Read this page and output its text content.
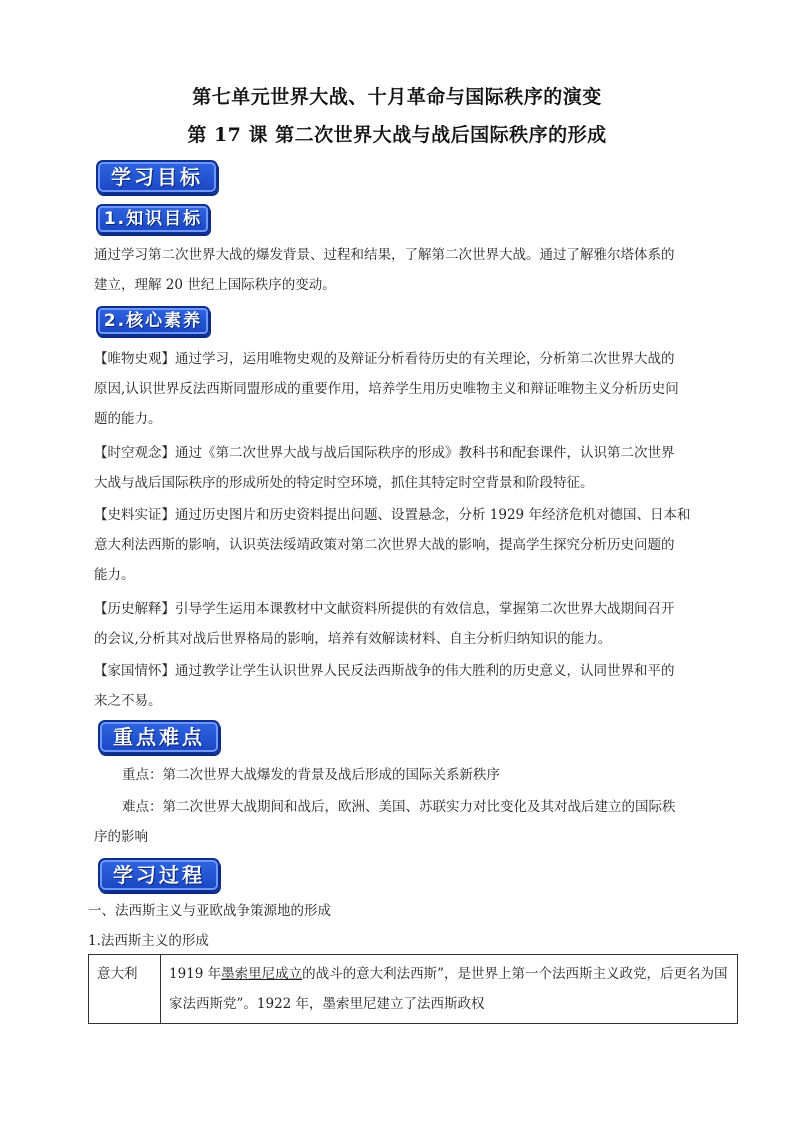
第七单元世界大战、十月革命与国际秩序的演变
第 17 课 第二次世界大战与战后国际秩序的形成
学习目标
1.知识目标
通过学习第二次世界大战的爆发背景、过程和结果，了解第二次世界大战。通过了解雅尔塔体系的
建立，理解 20 世纪上国际秩序的变动。
2.核心素养
【唯物史观】通过学习，运用唯物史观的及辩证分析看待历史的有关理论，分析第二次世界大战的
原因,认识世界反法西斯同盟形成的重要作用，培养学生用历史唯物主义和辩证唯物主义分析历史问
题的能力。
【时空观念】通过《第二次世界大战与战后国际秩序的形成》教科书和配套课件，认识第二次世界
大战与战后国际秩序的形成所处的特定时空环境，抓住其特定时空背景和阶段特征。
【史料实证】通过历史图片和历史资料提出问题、设置悬念，分析 1929 年经济危机对德国、日本和
意大利法西斯的影响，认识英法绥靖政策对第二次世界大战的影响，提高学生探究分析历史问题的
能力。
【历史解释】引导学生运用本课教材中文献资料所提供的有效信息，掌握第二次世界大战期间召开
的会议,分析其对战后世界格局的影响，培养有效解读材料、自主分析归纳知识的能力。
【家国情怀】通过教学让学生认识世界人民反法西斯战争的伟大胜利的历史意义，认同世界和平的
来之不易。
重点难点
重点：第二次世界大战爆发的背景及战后形成的国际关系新秩序
难点：第二次世界大战期间和战后，欧洲、美国、苏联实力对比变化及其对战后建立的国际秩
序的影响
学习过程
一、法西斯主义与亚欧战争策源地的形成
1.法西斯主义的形成
意大利	1919 年墨索里尼成立的战斗的意大利法西斯”，是世界上第一个法西斯主义政党，后更名为国
家法西斯党”。1922 年，墨索里尼建立了法西斯政权
